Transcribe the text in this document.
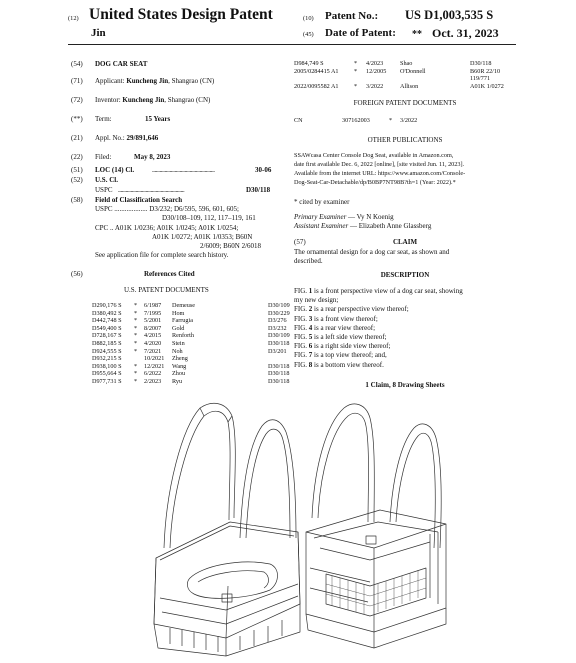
(12) United States Design Patent	(10) Patent No.: US D1,003,535 S
Jin	(45) Date of Patent: ** Oct. 31, 2023
(54) DOG CAR SEAT
(71) Applicant: Kuncheng Jin, Shangrao (CN)
(72) Inventor: Kuncheng Jin, Shangrao (CN)
(**) Term:	15 Years
(21) Appl. No.: 29/891,646
(22) Filed:	May 8, 2023
(51) LOC (14) Cl.	..................................................	30-06
(52) U.S. Cl.
USPC .....................................................	D30/118
(58) Field of Classification Search
USPC ................... D3/232; D6/595, 596, 601, 605;
D30/108–109, 112, 117–119, 161
CPC .. A01K 1/0236; A01K 1/0245; A01K 1/0254;
A01K 1/0272; A01K 1/0353; B60N
2/6009; B60N 2/6018
See application file for complete search history.
(56)	References Cited
U.S. PATENT DOCUMENTS
D290,176 S * 6/1987 Demeuse	D30/109
D380,492 S * 7/1995 Hom	D30/229
D442,748 S * 5/2001 Farrugia	D3/276
D549,400 S * 8/2007 Gold	D3/232
D728,167 S * 4/2015 Renforth	D30/109
D882,185 S * 4/2020 Stein	D30/118
D924,555 S * 7/2021 Noh	D3/201
D932,215 S	10/2021 Zheng
D938,100 S * 12/2021 Wang	D30/118
D955,664 S * 6/2022 Zhou	D30/118
D977,731 S * 2/2023 Ryu	D30/118
D984,749 S	* 4/2023	Shao	D30/118
2005/0284415 A1 * 12/2005 O'Donnell	B60R 22/10
119/771
2022/0095582 A1 * 3/2022	Allison	A01K 1/0272
FOREIGN PATENT DOCUMENTS
CN	307162003	* 3/2022
OTHER PUBLICATIONS
SSAWcasa Center Console Dog Seat, available in Amazon.com,
date first available Dec. 6, 2022 [online], [site visited Jun. 11, 2023].
Available from the internet URL: https://www.amazon.com/Console-
Dog-Seat-Car-Detachable/dp/B0BP7NT98B?th=1 (Year: 2022).*
* cited by examiner
Primary Examiner — Vy N Koenig
Assistant Examiner — Elizabeth Anne Glassberg
(57)	CLAIM
The ornamental design for a dog car seat, as shown and
described.
DESCRIPTION
FIG. 1 is a front perspective view of a dog car seat, showing
my new design;
FIG. 2 is a rear perspective view thereof;
FIG. 3 is a front view thereof;
FIG. 4 is a rear view thereof;
FIG. 5 is a left side view thereof;
FIG. 6 is a right side view thereof;
FIG. 7 is a top view thereof; and,
FIG. 8 is a bottom view thereof.
1 Claim, 8 Drawing Sheets
